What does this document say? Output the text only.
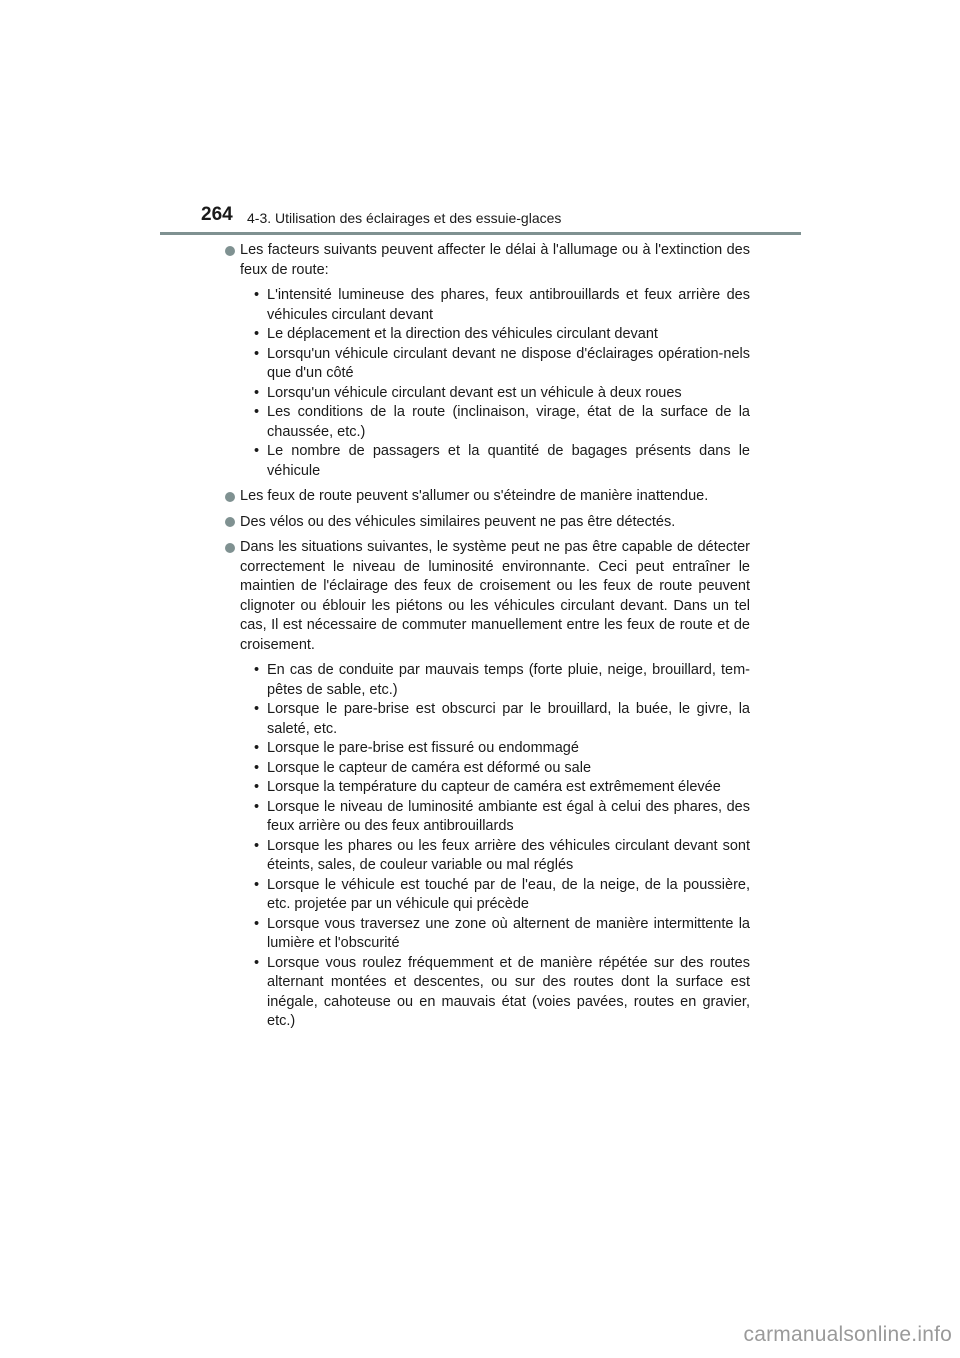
264 4-3. Utilisation des éclairages et des essuie-glaces
Les facteurs suivants peuvent affecter le délai à l'allumage ou à l'extinction des feux de route:
• L'intensité lumineuse des phares, feux antibrouillards et feux arrière des véhicules circulant devant
• Le déplacement et la direction des véhicules circulant devant
• Lorsqu'un véhicule circulant devant ne dispose d'éclairages opération-nels que d'un côté
• Lorsqu'un véhicule circulant devant est un véhicule à deux roues
• Les conditions de la route (inclinaison, virage, état de la surface de la chaussée, etc.)
• Le nombre de passagers et la quantité de bagages présents dans le véhicule
Les feux de route peuvent s'allumer ou s'éteindre de manière inattendue.
Des vélos ou des véhicules similaires peuvent ne pas être détectés.
Dans les situations suivantes, le système peut ne pas être capable de détecter correctement le niveau de luminosité environnante. Ceci peut entraîner le maintien de l'éclairage des feux de croisement ou les feux de route peuvent clignoter ou éblouir les piétons ou les véhicules circulant devant. Dans un tel cas, Il est nécessaire de commuter manuellement entre les feux de route et de croisement.
• En cas de conduite par mauvais temps (forte pluie, neige, brouillard, tem-pêtes de sable, etc.)
• Lorsque le pare-brise est obscurci par le brouillard, la buée, le givre, la saleté, etc.
• Lorsque le pare-brise est fissuré ou endommagé
• Lorsque le capteur de caméra est déformé ou sale
• Lorsque la température du capteur de caméra est extrêmement élevée
• Lorsque le niveau de luminosité ambiante est égal à celui des phares, des feux arrière ou des feux antibrouillards
• Lorsque les phares ou les feux arrière des véhicules circulant devant sont éteints, sales, de couleur variable ou mal réglés
• Lorsque le véhicule est touché par de l'eau, de la neige, de la poussière, etc. projetée par un véhicule qui précède
• Lorsque vous traversez une zone où alternent de manière intermittente la lumière et l'obscurité
• Lorsque vous roulez fréquemment et de manière répétée sur des routes alternant montées et descentes, ou sur des routes dont la surface est inégale, cahoteuse ou en mauvais état (voies pavées, routes en gravier, etc.)
carmanualsonline.info
